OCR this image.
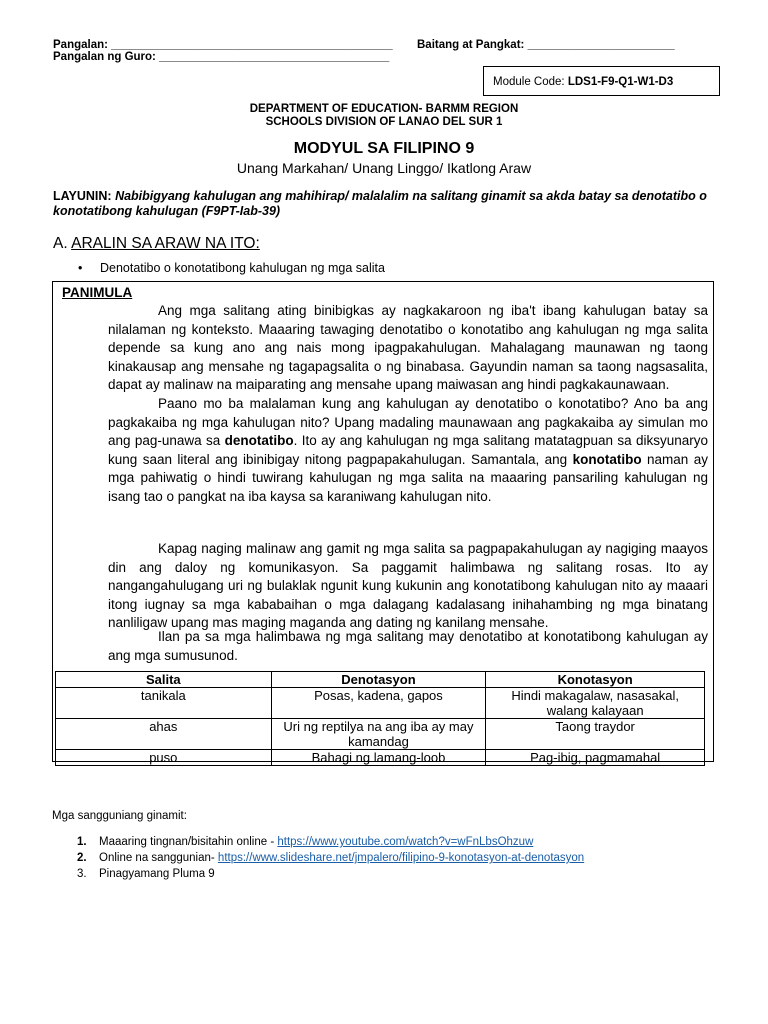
Pangalan: ____________________________________________ Baitang at Pangkat: _______________________
Pangalan ng Guro: ____________________________________
Module Code: LDS1-F9-Q1-W1-D3
DEPARTMENT OF EDUCATION- BARMM REGION
SCHOOLS DIVISION OF LANAO DEL SUR 1
MODYUL SA FILIPINO 9
Unang Markahan/ Unang Linggo/ Ikatlong Araw
LAYUNIN: Nabibigyang kahulugan ang mahihirap/ malalalim na salitang ginamit sa akda batay sa denotatibo o konotatibong kahulugan (F9PT-Iab-39)
A. ARALIN SA ARAW NA ITO:
• Denotatibo o konotatibong kahulugan ng mga salita
PANIMULA

Ang mga salitang ating binibigkas ay nagkakaroon ng iba't ibang kahulugan batay sa nilalaman ng konteksto. Maaaring tawaging denotatibo o konotatibo ang kahulugan ng mga salita depende sa kung ano ang nais mong ipagpakahulugan. Mahalagang maunawan ng taong kinakausap ang mensahe ng tagapagsalita o ng binabasa. Gayundin naman sa taong nagsasalita, dapat ay malinaw na maiparating ang mensahe upang maiwasan ang hindi pagkakaunawaan.

Paano mo ba malalaman kung ang kahulugan ay denotatibo o konotatibo? Ano ba ang pagkakaiba ng mga kahulugan nito? Upang madaling maunawaan ang pagkakaiba ay simulan mo ang pag-unawa sa denotatibo. Ito ay ang kahulugan ng mga salitang matatagpuan sa diksyunaryo kung saan literal ang ibinibigay nitong pagpapakahulugan. Samantala, ang konotatibo naman ay mga pahiwatig o hindi tuwirang kahulugan ng mga salita na maaaring pansariling kahulugan ng isang tao o pangkat na iba kaysa sa karaniwang kahulugan nito.

Kapag naging malinaw ang gamit ng mga salita sa pagpapakahulugan ay nagiging maayos din ang daloy ng komunikasyon. Sa paggamit halimbawa ng salitang rosas. Ito ay nangangahulugang uri ng bulaklak ngunit kung kukunin ang konotatibong kahulugan nito ay maaari itong iugnay sa mga kababaihan o mga dalagang kadalasang inihahambing ng mga binatang nanliligaw upang mas maging maganda ang dating ng kanilang mensahe.

Ilan pa sa mga halimbawa ng mga salitang may denotatibo at konotatibong kahulugan ay ang mga sumusunod.

Salita	Denotasyon	Konotasyon
tanikala	Posas, kadena, gapos	Hindi makagalaw, nasasakal, walang kalayaan
ahas	Uri ng reptilya na ang iba ay may kamandag	Taong traydor
puso	Bahagi ng lamang-loob	Pag-ibig, pagmamahal
Mga sangguniang ginamit:
1. Maaaring tingnan/bisitahin online - https://www.youtube.com/watch?v=wFnLbsOhzuw
2. Online na sanggunian- https://www.slideshare.net/jmpalero/filipino-9-konotasyon-at-denotasyon
3. Pinagyamang Pluma 9
